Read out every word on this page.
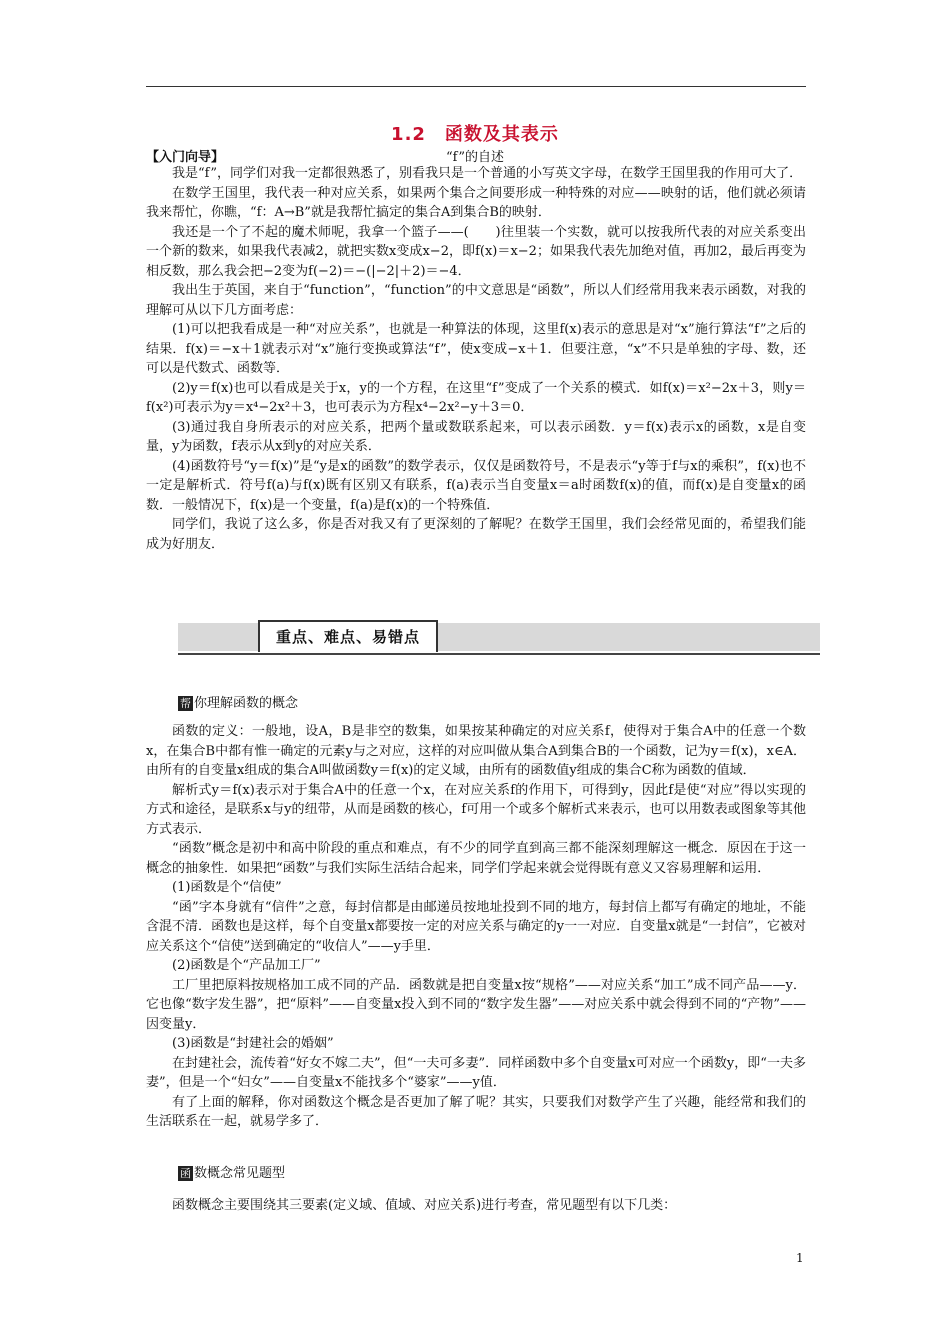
1.2　函数及其表示
【入门向导】	“f”的自述

我是“f”，同学们对我一定都很熟悉了，别看我只是一个普通的小写英文字母，在数学王国里我的作用可大了．

在数学王国里，我代表一种对应关系，如果两个集合之间要形成一种特殊的对应——映射的话，他们就必须请我来帮忙，你瞧，“f：A→B”就是我帮忙搞定的集合A到集合B的映射．

我还是一个了不起的魔术师呢，我拿一个篮子——(　　)往里装一个实数，就可以按我所代表的对应关系变出一个新的数来，如果我代表减2，就把实数x变成x−2，即f(x)＝x−2；如果我代表先加绝对值，再加2，最后再变为相反数，那么我会把−2变为f(−2)＝−(|−2|＋2)＝−4．

我出生于英国，来自于“function”，“function”的中文意思是“函数”，所以人们经常用我来表示函数，对我的理解可从以下几方面考虑：

(1)可以把我看成是一种“对应关系”，也就是一种算法的体现，这里f(x)表示的意思是对“x”施行算法“f”之后的结果．f(x)＝−x＋1就表示对“x”施行变换或算法“f”，使x变成−x＋1．但要注意，“x”不只是单独的字母、数，还可以是代数式、函数等．

(2)y＝f(x)也可以看成是关于x，y的一个方程，在这里“f”变成了一个关系的模式．如f(x)＝x²−2x＋3，则y＝f(x²)可表示为y＝x⁴−2x²＋3，也可表示为方程x⁴−2x²−y＋3＝0．

(3)通过我自身所表示的对应关系，把两个量或数联系起来，可以表示函数．y＝f(x)表示x的函数，x是自变量，y为函数，f表示从x到y的对应关系．

(4)函数符号“y＝f(x)”是“y是x的函数”的数学表示，仅仅是函数符号，不是表示“y等于f与x的乘积”，f(x)也不一定是解析式．符号f(a)与f(x)既有区别又有联系，f(a)表示当自变量x＝a时函数f(x)的值，而f(x)是自变量x的函数．一般情况下，f(x)是一个变量，f(a)是f(x)的一个特殊值．

同学们，我说了这么多，你是否对我又有了更深刻的了解呢？在数学王国里，我们会经常见面的，希望我们能成为好朋友．

重点、难点、易错点
帮 你理解函数的概念

函数的定义：一般地，设A，B是非空的数集，如果按某种确定的对应关系f，使得对于集合A中的任意一个数x，在集合B中都有惟一确定的元素y与之对应，这样的对应叫做从集合A到集合B的一个函数，记为y＝f(x)，x∈A．由所有的自变量x组成的集合A叫做函数y＝f(x)的定义域，由所有的函数值y组成的集合C称为函数的值域．

解析式y＝f(x)表示对于集合A中的任意一个x，在对应关系f的作用下，可得到y，因此f是使“对应”得以实现的方式和途径，是联系x与y的纽带，从而是函数的核心，f可用一个或多个解析式来表示，也可以用数表或图象等其他方式表示．

“函数”概念是初中和高中阶段的重点和难点，有不少的同学直到高三都不能深刻理解这一概念．原因在于这一概念的抽象性．如果把“函数”与我们实际生活结合起来，同学们学起来就会觉得既有意义又容易理解和运用．

(1)函数是个“信使”

“函”字本身就有“信件”之意，每封信都是由邮递员按地址投到不同的地方，每封信上都写有确定的地址，不能含混不清．函数也是这样，每个自变量x都要按一定的对应关系与确定的y一一对应．自变量x就是“一封信”，它被对应关系这个“信使”送到确定的“收信人”——y手里．

(2)函数是个“产品加工厂”

工厂里把原料按规格加工成不同的产品．函数就是把自变量x按“规格”——对应关系“加工”成不同产品——y．它也像“数字发生器”，把“原料”——自变量x投入到不同的“数字发生器”——对应关系中就会得到不同的“产物”——因变量y．

(3)函数是“封建社会的婚姻”

在封建社会，流传着“好女不嫁二夫”，但“一夫可多妻”．同样函数中多个自变量x可对应一个函数y，即“一夫多妻”，但是一个“妇女”——自变量x不能找多个“婆家”——y值．

有了上面的解释，你对函数这个概念是否更加了解了呢？其实，只要我们对数学产生了兴趣，能经常和我们的生活联系在一起，就易学多了．

函 数概念常见题型

函数概念主要围绕其三要素(定义域、值域、对应关系)进行考查，常见题型有以下几类：

1
